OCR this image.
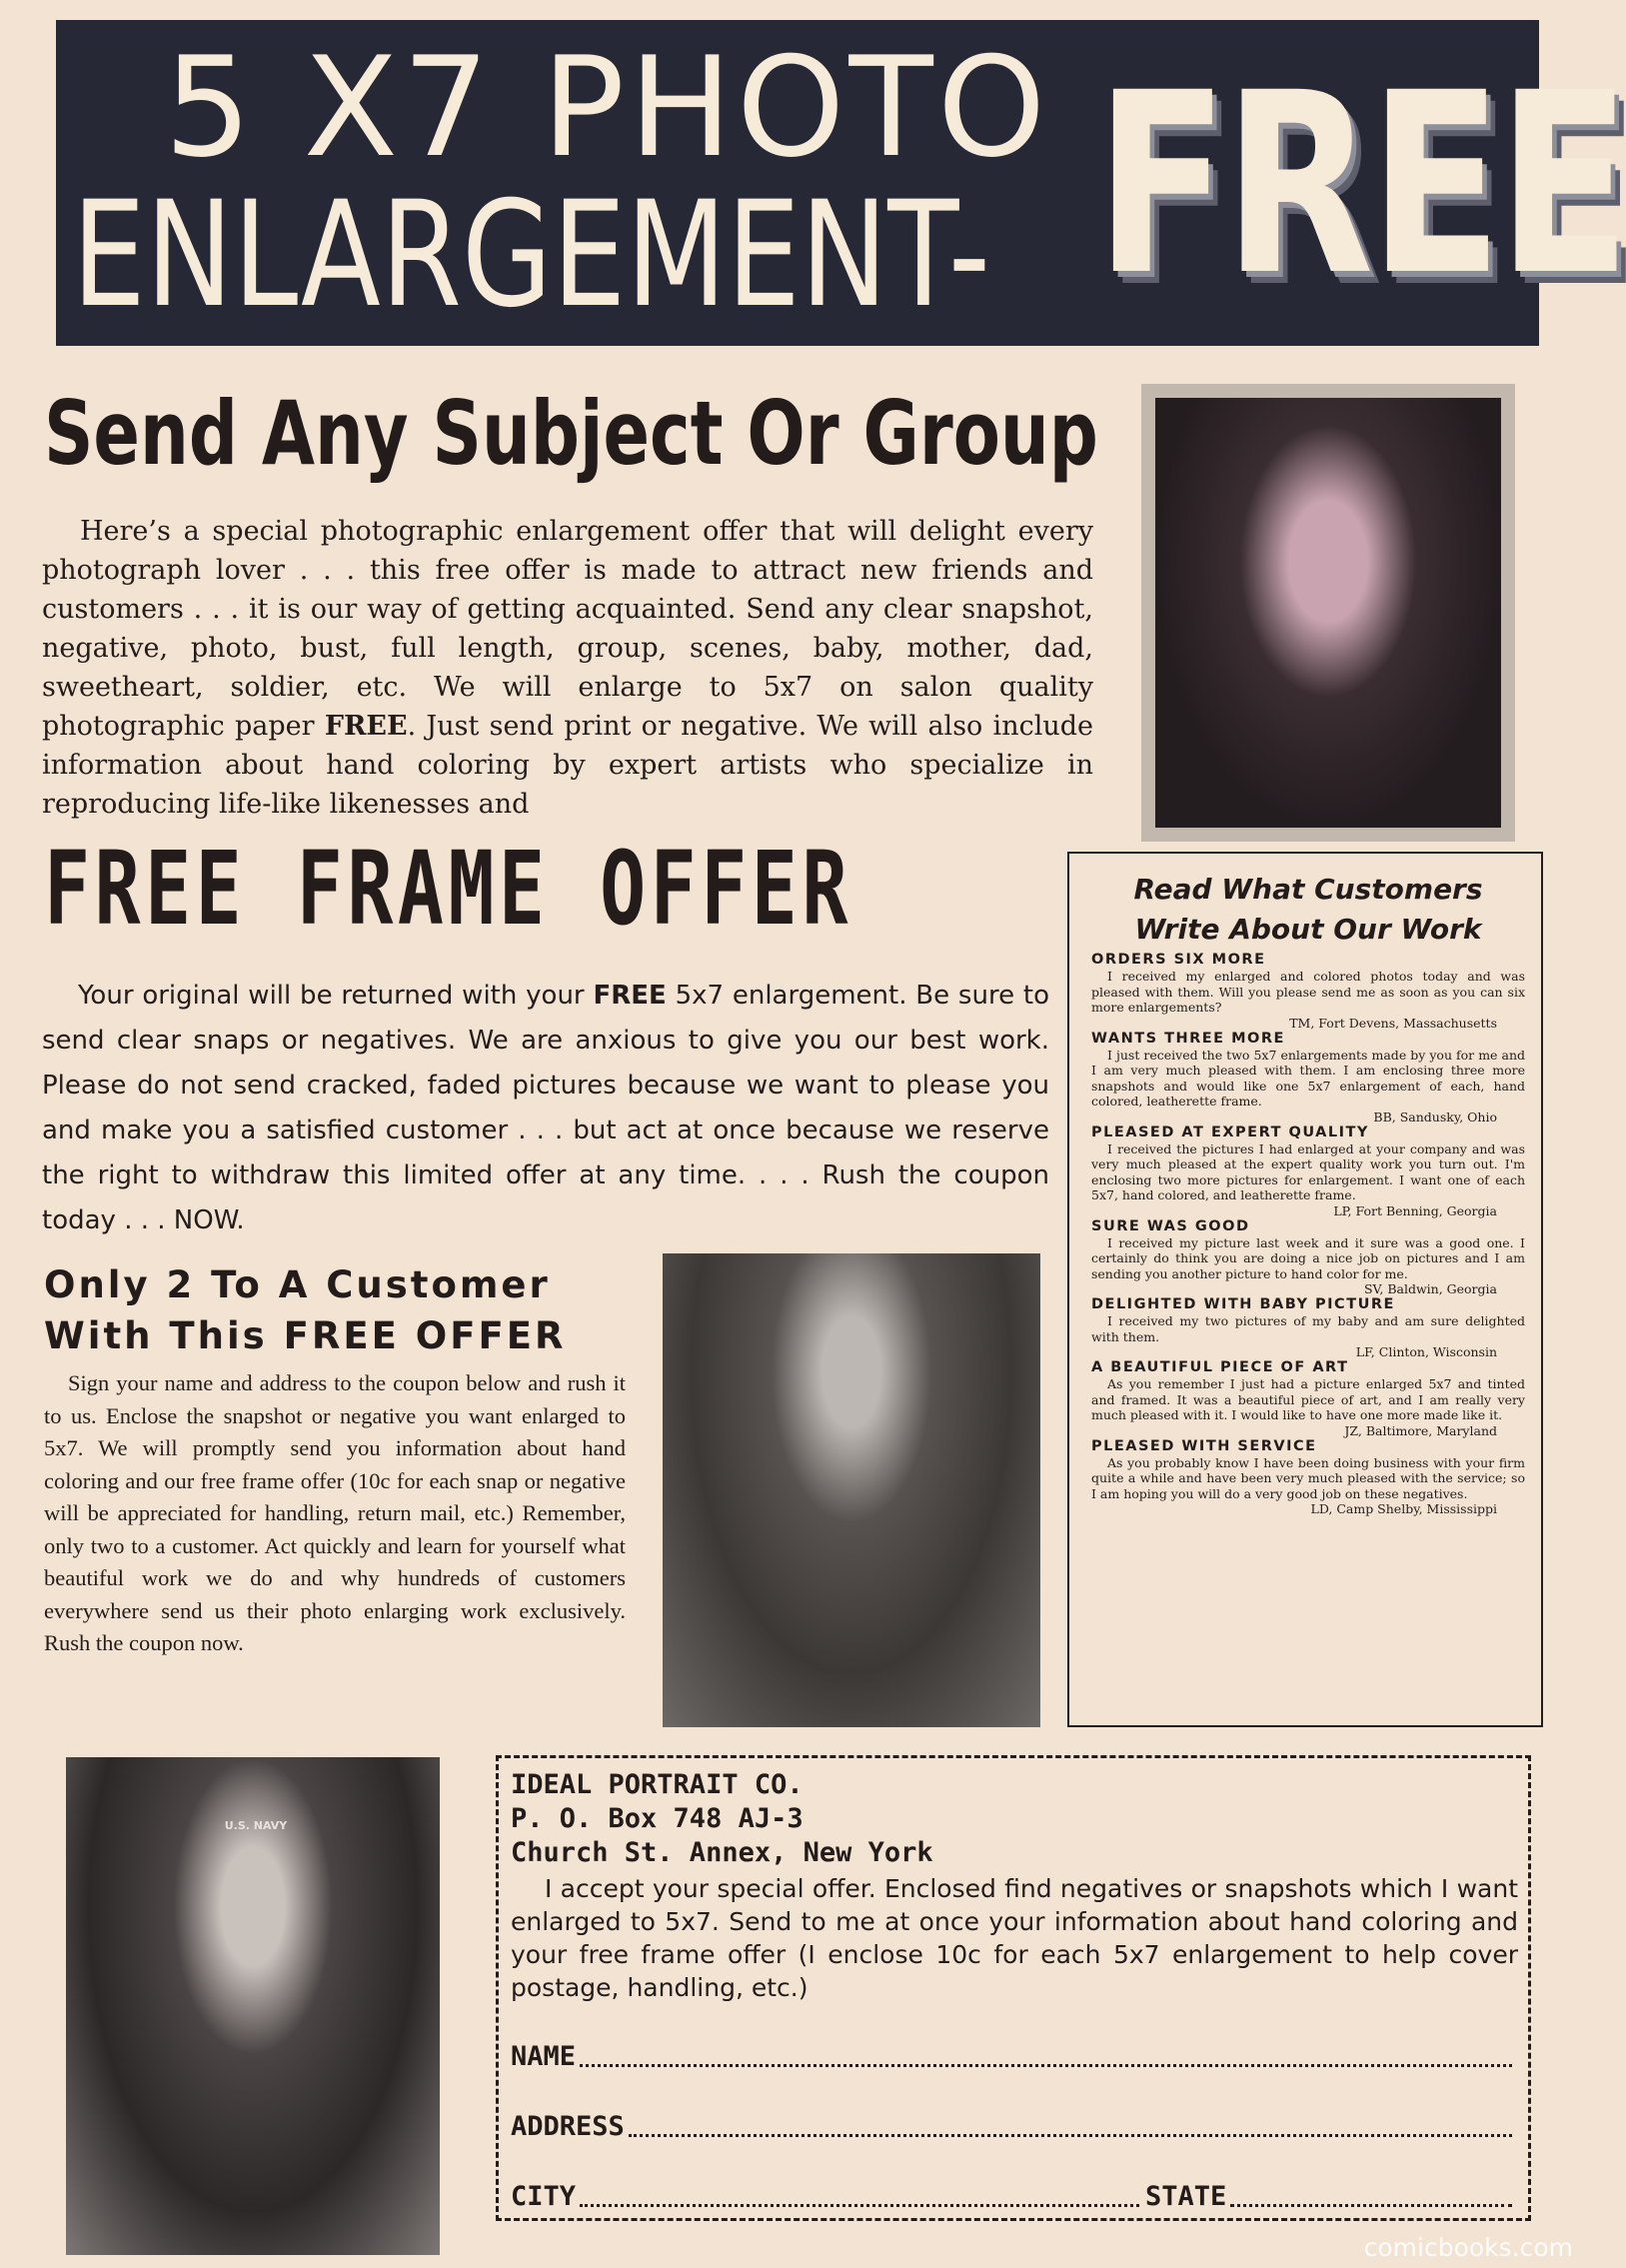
5 X7 PHOTO
ENLARGEMENT- FREE
Send Any Subject Or Group
Here’s a special photographic enlargement offer that will delight every photograph lover . . . this free offer is made to attract new friends and customers . . . it is our way of getting acquainted. Send any clear snapshot, negative, photo, bust, full length, group, scenes, baby, mother, dad, sweetheart, soldier, etc. We will enlarge to 5x7 on salon quality photographic paper FREE. Just send print or negative. We will also include information about hand coloring by expert artists who specialize in reproducing life-like likenesses and
FREE FRAME OFFER
Your original will be returned with your FREE 5x7 enlargement. Be sure to send clear snaps or negatives. We are anxious to give you our best work. Please do not send cracked, faded pictures because we want to please you and make you a satisfied customer . . . but act at once because we reserve the right to withdraw this limited offer at any time. . . . Rush the coupon today . . . NOW.
Only 2 To A Customer
With This FREE OFFER
Sign your name and address to the coupon below and rush it to us. Enclose the snapshot or negative you want enlarged to 5x7. We will promptly send you information about hand coloring and our free frame offer (10c for each snap or negative will be appreciated for handling, return mail, etc.) Remember, only two to a customer. Act quickly and learn for yourself what beautiful work we do and why hundreds of customers everywhere send us their photo enlarging work exclusively. Rush the coupon now.
Read What Customers
Write About Our Work
ORDERS SIX MORE
I received my enlarged and colored photos today and was pleased with them. Will you please send me as soon as you can six more enlargements?
TM, Fort Devens, Massachusetts
WANTS THREE MORE
I just received the two 5x7 enlargements made by you for me and I am very much pleased with them. I am enclosing three more snapshots and would like one 5x7 enlargement of each, hand colored, leatherette frame.
BB, Sandusky, Ohio
PLEASED AT EXPERT QUALITY
I received the pictures I had enlarged at your company and was very much pleased at the expert quality work you turn out. I'm enclosing two more pictures for enlargement. I want one of each 5x7, hand colored, and leatherette frame.
LP, Fort Benning, Georgia
SURE WAS GOOD
I received my picture last week and it sure was a good one. I certainly do think you are doing a nice job on pictures and I am sending you another picture to hand color for me.
SV, Baldwin, Georgia
DELIGHTED WITH BABY PICTURE
I received my two pictures of my baby and am sure delighted with them.
LF, Clinton, Wisconsin
A BEAUTIFUL PIECE OF ART
As you remember I just had a picture enlarged 5x7 and tinted and framed. It was a beautiful piece of art, and I am really very much pleased with it. I would like to have one more made like it.
JZ, Baltimore, Maryland
PLEASED WITH SERVICE
As you probably know I have been doing business with your firm quite a while and have been very much pleased with the service; so I am hoping you will do a very good job on these negatives.
LD, Camp Shelby, Mississippi
U.S. NAVY
IDEAL PORTRAIT CO.
P. O. Box 748 AJ-3
Church St. Annex, New York
I accept your special offer. Enclosed find negatives or snapshots which I want enlarged to 5x7. Send to me at once your information about hand coloring and your free frame offer (I enclose 10c for each 5x7 enlargement to help cover postage, handling, etc.)
NAME
ADDRESS
CITY	STATE
comicbooks.com
